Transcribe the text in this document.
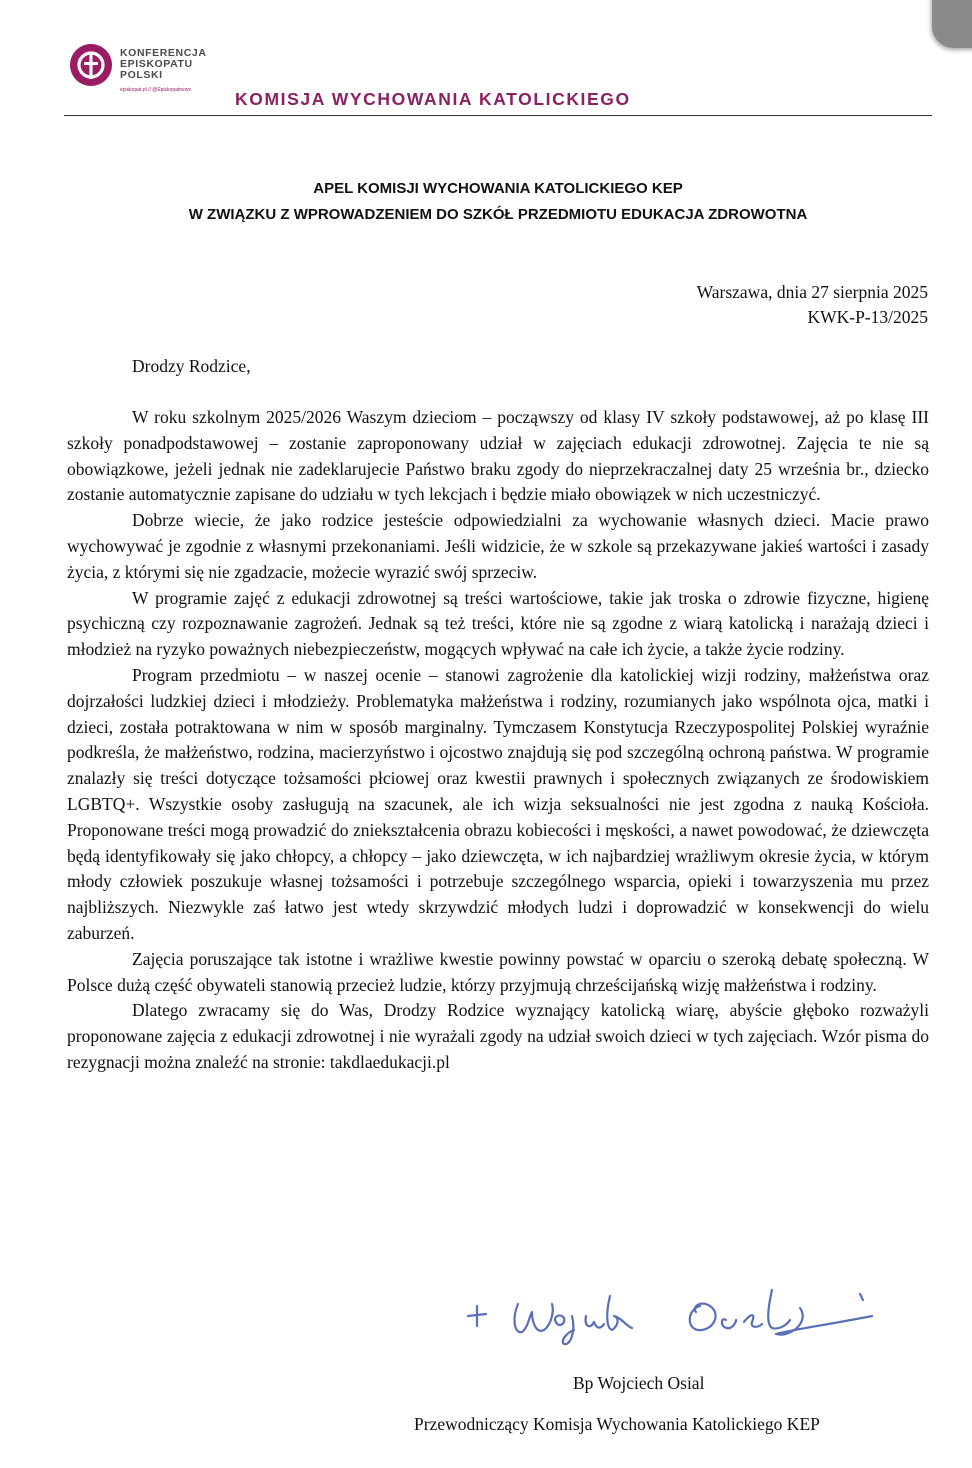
KONFERENCJA
EPISKOPATU
POLSKI
episkopat.pl // @Episkopatnews	KOMISJA WYCHOWANIA KATOLICKIEGO
APEL KOMISJI WYCHOWANIA KATOLICKIEGO KEP
W ZWIĄZKU Z WPROWADZENIEM DO SZKÓŁ PRZEDMIOTU EDUKACJA ZDROWOTNA
Warszawa, dnia 27 sierpnia 2025
KWK-P-13/2025
Drodzy Rodzice,

W roku szkolnym 2025/2026 Waszym dzieciom – począwszy od klasy IV szkoły podstawowej, aż po klasę III szkoły ponadpodstawowej – zostanie zaproponowany udział w zajęciach edukacji zdrowotnej. Zajęcia te nie są obowiązkowe, jeżeli jednak nie zadeklarujecie Państwo braku zgody do nieprzekraczalnej daty 25 września br., dziecko zostanie automatycznie zapisane do udziału w tych lekcjach i będzie miało obowiązek w nich uczestniczyć.

Dobrze wiecie, że jako rodzice jesteście odpowiedzialni za wychowanie własnych dzieci. Macie prawo wychowywać je zgodnie z własnymi przekonaniami. Jeśli widzicie, że w szkole są przekazywane jakieś wartości i zasady życia, z którymi się nie zgadzacie, możecie wyrazić swój sprzeciw.

W programie zajęć z edukacji zdrowotnej są treści wartościowe, takie jak troska o zdrowie fizyczne, higienę psychiczną czy rozpoznawanie zagrożeń. Jednak są też treści, które nie są zgodne z wiarą katolicką i narażają dzieci i młodzież na ryzyko poważnych niebezpieczeństw, mogących wpływać na całe ich życie, a także życie rodziny.

Program przedmiotu – w naszej ocenie – stanowi zagrożenie dla katolickiej wizji rodziny, małżeństwa oraz dojrzałości ludzkiej dzieci i młodzieży. Problematyka małżeństwa i rodziny, rozumianych jako wspólnota ojca, matki i dzieci, została potraktowana w nim w sposób marginalny. Tymczasem Konstytucja Rzeczypospolitej Polskiej wyraźnie podkreśla, że małżeństwo, rodzina, macierzyństwo i ojcostwo znajdują się pod szczególną ochroną państwa. W programie znalazły się treści dotyczące tożsamości płciowej oraz kwestii prawnych i społecznych związanych ze środowiskiem LGBTQ+. Wszystkie osoby zasługują na szacunek, ale ich wizja seksualności nie jest zgodna z nauką Kościoła. Proponowane treści mogą prowadzić do zniekształcenia obrazu kobiecości i męskości, a nawet powodować, że dziewczęta będą identyfikowały się jako chłopcy, a chłopcy – jako dziewczęta, w ich najbardziej wrażliwym okresie życia, w którym młody człowiek poszukuje własnej tożsamości i potrzebuje szczególnego wsparcia, opieki i towarzyszenia mu przez najbliższych. Niezwykle zaś łatwo jest wtedy skrzywdzić młodych ludzi i doprowadzić w konsekwencji do wielu zaburzeń.

Zajęcia poruszające tak istotne i wrażliwe kwestie powinny powstać w oparciu o szeroką debatę społeczną. W Polsce dużą część obywateli stanowią przecież ludzie, którzy przyjmują chrześcijańską wizję małżeństwa i rodziny.

Dlatego zwracamy się do Was, Drodzy Rodzice wyznający katolicką wiarę, abyście głęboko rozważyli proponowane zajęcia z edukacji zdrowotnej i nie wyrażali zgody na udział swoich dzieci w tych zajęciach. Wzór pisma do rezygnacji można znaleźć na stronie: takdlaedukacji.pl

Bp Wojciech Osial
Przewodniczący Komisja Wychowania Katolickiego KEP
